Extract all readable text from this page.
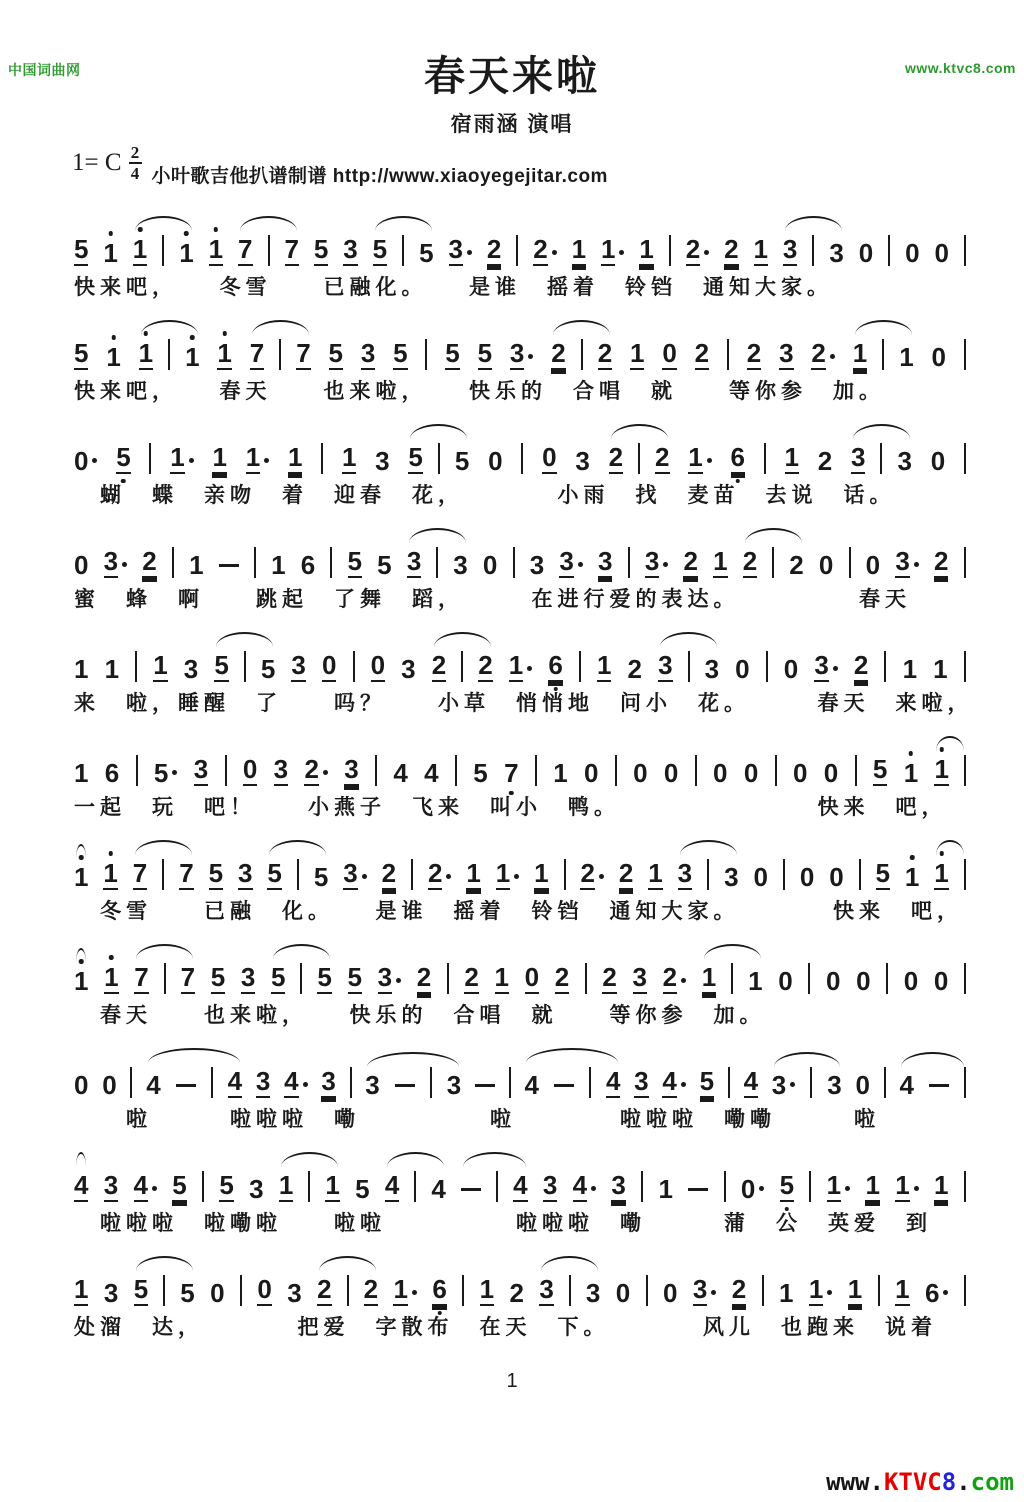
中国词曲网	www.ktvc8.com
春天来啦
宿雨涵 演唱
1= C 2
4 小叶歌吉他扒谱制谱 http://www.xiaoyegejitar.com
5 1 1 1 1 7 7 5 3 5 5 3 2 2 1 1 1 2 2 1 3 3 0 0 0
快来吧，　　冬雪　　已融化。　　是谁　摇着　铃铛　通知大家。
5 1 1 1 1 7 7 5 3 5 5 5 3 2 2 1 0 2 2 3 2 1 1 0
快来吧，　　春天　　也来啦，　　快乐的　合唱　就　　等你参　加。
0 5 1 1 1 1 1 3 5 5 0 0 3 2 2 1 6 1 2 3 3 0
　蝴　蝶　亲吻　着　迎春　花，　　　　小雨　找　麦苗　去说　话。
0 3 2 1	1 6 5 5 3 3 0 3 3 3 3 2 1 2 2 0 0 3 2
蜜　蜂　啊　　跳起　了舞　蹈，　　　在进行爱的表达。　　　　　春天
1 1 1 3 5 5 3 0 0 3 2 2 1 6 1 2 3 3 0 0 3 2 1 1
来　啦，睡醒　了　　吗？　　小草　悄悄地　问小　花。　　　春天　来啦，
1 6 5 3 0 3 2 3 4 4 5 7 1 0 0 0 0 0 0 0 5 1 1
一起　玩　吧！　　小燕子　飞来　叫小　鸭。　　　　　　　　快来　吧，
1 1 7 7 5 3 5 5 3 2 2 1 1 1 2 2 1 3 3 0 0 0 5 1 1
　冬雪　　已融　化。　　是谁　摇着　铃铛　通知大家。　　　　快来　吧，
1 1 7 7 5 3 5 5 5 3 2 2 1 0 2 2 3 2 1 1 0 0 0 0 0
　春天　　也来啦，　　快乐的　合唱　就　　等你参　加。
0 0 4	4 3 4 3 3	3 4	4 3 4 5 4 3 3 0 4
　　啦　　　啦啦啦　嘞　　　　　啦　　　　啦啦啦　嘞嘞　　　啦
4 3 4 5 5 3 1 1 5 4 4	4 3 4 3 1	0 5 1 1 1 1
　啦啦啦　啦嘞啦　　啦啦　　　　　啦啦啦　嘞　　　蒲　公　英爱　到
1 3 5 5 0 0 3 2 2 1 6 1 2 3 3 0 0 3 2 1 1 1 1 6
处溜　达，　　　　把爱　字散布　在天　下。　　　　风儿　也跑来　说着
1
www.KTVC8.com
